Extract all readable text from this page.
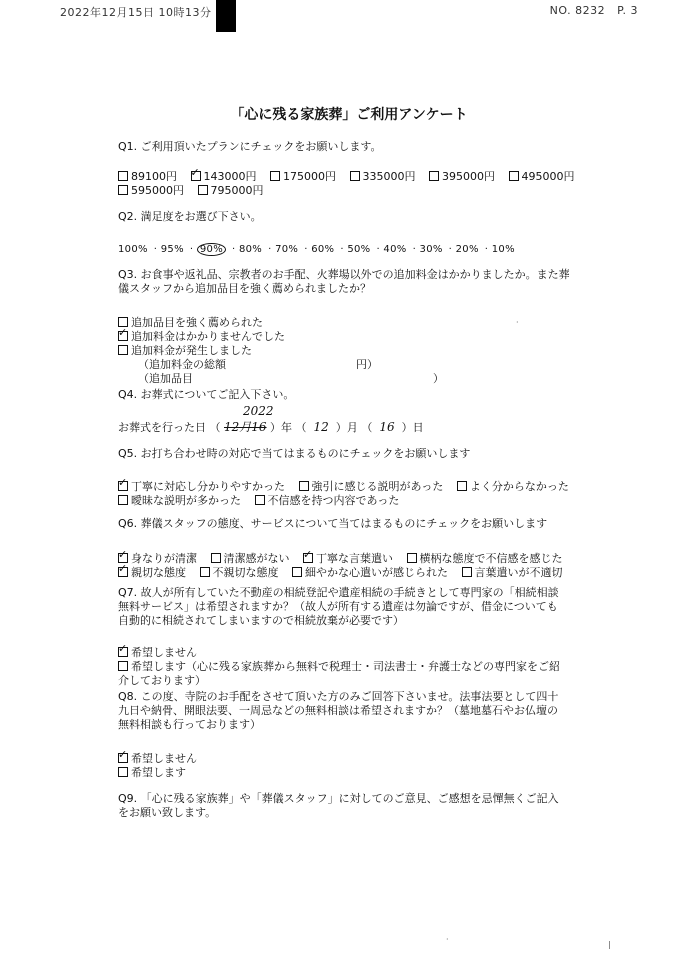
2022年12月15日 10時13分	NO. 8232 P. 3
「心に残る家族葬」ご利用アンケート
Q1. ご利用頂いたプランにチェックをお願いします。
89100円 ✓ 143000円 175000円 335000円 395000円 495000円
595000円 795000円
Q2. 満足度をお選び下さい。
100% · 95% · 90% · 80% · 70% · 60% · 50% · 40% · 30% · 20% · 10%
Q3. お食事や返礼品、宗教者のお手配、火葬場以外での追加料金はかかりましたか。また葬
儀スタッフから追加品目を強く薦められましたか？
追加品目を強く薦められた
✓追加料金はかかりませんでした
追加料金が発生しました
（追加料金の総額	円）
（追加品目	）
·
Q4. お葬式についてご記入下さい。
お葬式を行った日 （ 12月16 ）年 （  12  ）月 （  16  ）日
2022
Q5. お打ち合わせ時の対応で当てはまるものにチェックをお願いします
✓丁寧に対応し分かりやすかった 強引に感じる説明があった よく分からなかった
曖昧な説明が多かった 不信感を持つ内容であった
Q6. 葬儀スタッフの態度、サービスについて当てはまるものにチェックをお願いします
✓身なりが清潔 清潔感がない ✓ 丁寧な言葉遣い 横柄な態度で不信感を感じた
✓親切な態度 不親切な態度 細やかな心遣いが感じられた 言葉遣いが不適切
Q7. 故人が所有していた不動産の相続登記や遺産相続の手続きとして専門家の「相続相談
無料サービス」は希望されますか？（故人が所有する遺産は勿論ですが、借金についても
自動的に相続されてしまいますので相続放棄が必要です）
✓希望しません
希望します（心に残る家族葬から無料で税理士・司法書士・弁護士などの専門家をご紹
介しております）
Q8. この度、寺院のお手配をさせて頂いた方のみご回答下さいませ。法事法要として四十
九日や納骨、開眼法要、一周忌などの無料相談は希望されますか？（墓地墓石やお仏壇の
無料相談も行っております）
✓希望しません
希望します
Q9. 「心に残る家族葬」や「葬儀スタッフ」に対してのご意見、ご感想を忌憚無くご記入
をお願い致します。
·
|
